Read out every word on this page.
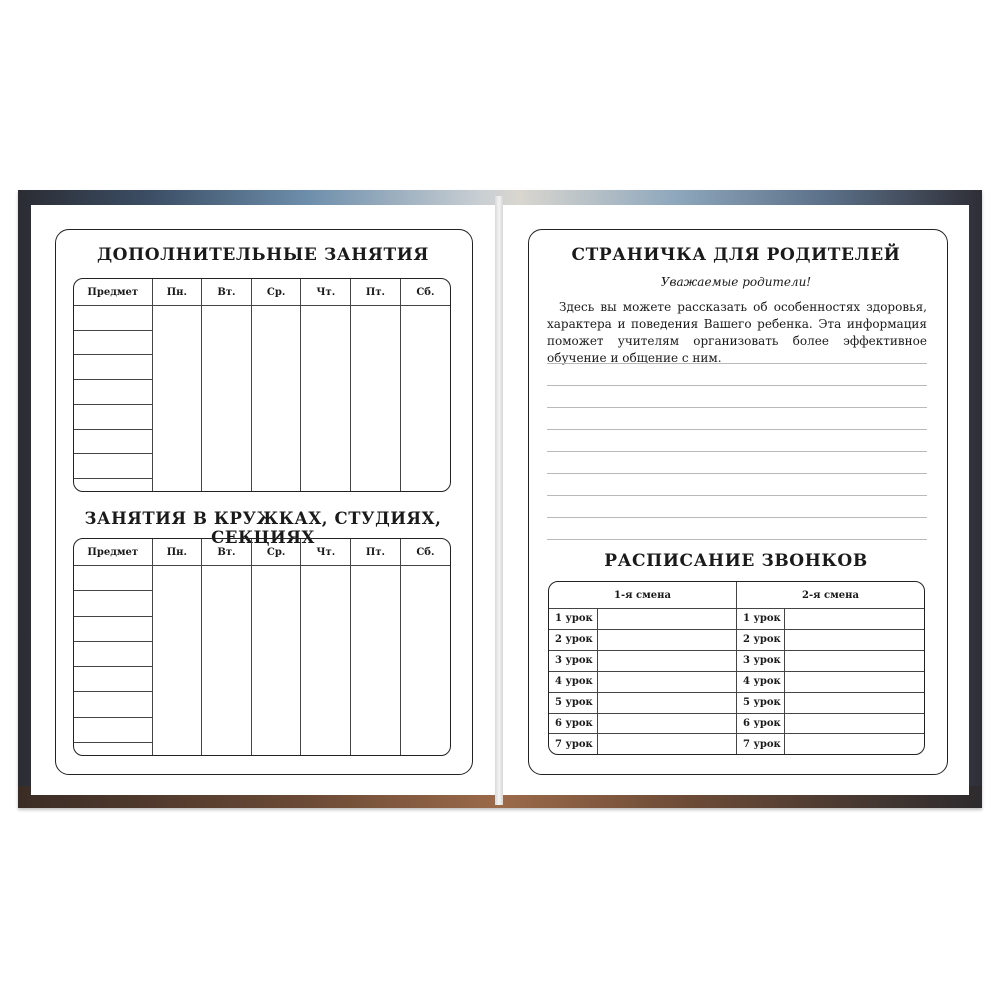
ДОПОЛНИТЕЛЬНЫЕ ЗАНЯТИЯ
Предмет	Пн.	Вт.	Ср.	Чт.	Пт.	Сб.

ЗАНЯТИЯ В КРУЖКАХ, СТУДИЯХ, СЕКЦИЯХ
Предмет	Пн.	Вт.	Ср.	Чт.	Пт.	Сб.

СТРАНИЧКА ДЛЯ РОДИТЕЛЕЙ
Уважаемые родители!
Здесь вы можете рассказать об особенностях здоровья, характера и поведения Вашего ребенка. Эта информация поможет учителям организовать более эффективное обучение и общение с ним.
РАСПИСАНИЕ ЗВОНКОВ
1-я смена		2-я смена	
1 урок		1 урок	
2 урок		2 урок	
3 урок		3 урок	
4 урок		4 урок	
5 урок		5 урок	
6 урок		6 урок	
7 урок		7 урок	
